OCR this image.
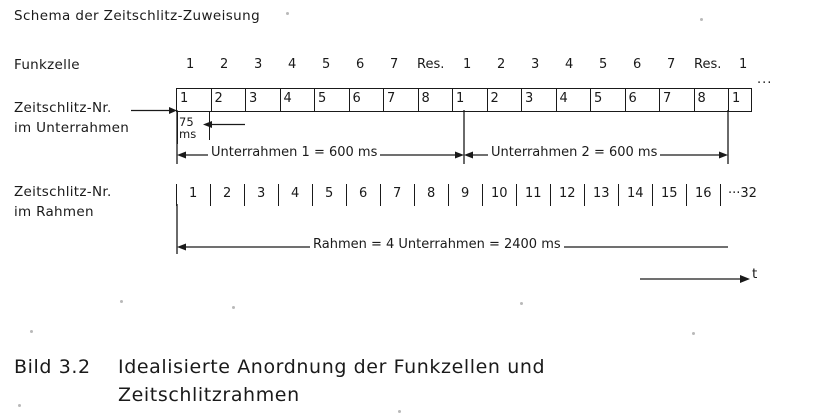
Schema der Zeitschlitz-Zuweisung
Funkzelle
Zeitschlitz-Nr.
im Unterrahmen
Zeitschlitz-Nr.
im Rahmen
1 2 3 4 5 6 7 Res. 1 2 3 4 5 6 7 Res. 1
···
1 2 3 4 5 6 7 8 1 2 3 4 5 6 7 8 1
75
ms
Unterrahmen 1 = 600 ms	Unterrahmen 2 = 600 ms
1 2 3 4 5 6 7 8 9 10 11 12 13 14 15 16 ···32
Rahmen = 4 Unterrahmen = 2400 ms
t
Bild 3.2 Idealisierte Anordnung der Funkzellen und
Zeitschlitzrahmen
